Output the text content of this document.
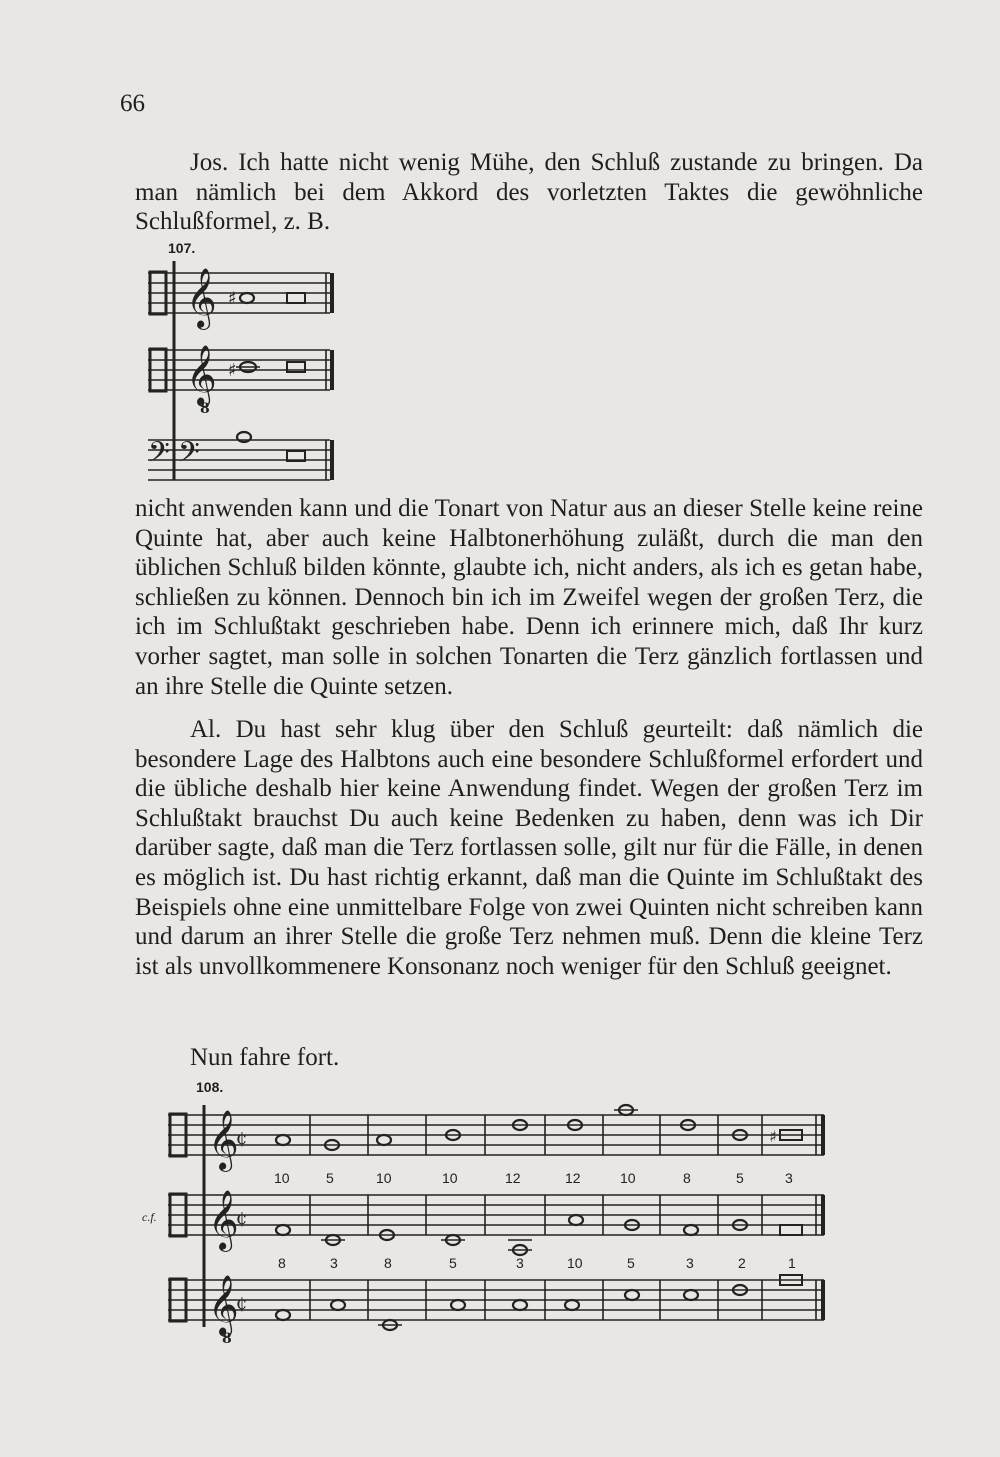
66
Jos. Ich hatte nicht wenig Mühe, den Schluß zustande zu bringen. Da man nämlich bei dem Akkord des vorletzten Taktes die gewöhnliche Schlußformel, z. B.
107.
𝄞 ♯
𝄞
8
♯
𝄢 𝄢
nicht anwenden kann und die Tonart von Natur aus an dieser Stelle keine reine Quinte hat, aber auch keine Halbtonerhöhung zuläßt, durch die man den üblichen Schluß bilden könnte, glaubte ich, nicht anders, als ich es getan habe, schließen zu können. Dennoch bin ich im Zweifel wegen der großen Terz, die ich im Schlußtakt geschrieben habe. Denn ich erinnere mich, daß Ihr kurz vorher sagtet, man solle in solchen Tonarten die Terz gänzlich fortlassen und an ihre Stelle die Quinte setzen.
Al. Du hast sehr klug über den Schluß geurteilt: daß nämlich die besondere Lage des Halbtons auch eine besondere Schlußformel erfordert und die übliche deshalb hier keine Anwendung findet. Wegen der großen Terz im Schlußtakt brauchst Du auch keine Bedenken zu haben, denn was ich Dir darüber sagte, daß man die Terz fortlassen solle, gilt nur für die Fälle, in denen es möglich ist. Du hast richtig erkannt, daß man die Quinte im Schlußtakt des Beispiels ohne eine unmittelbare Folge von zwei Quinten nicht schreiben kann und darum an ihrer Stelle die große Terz nehmen muß. Denn die kleine Terz ist als unvollkommenere Konsonanz noch weniger für den Schluß geeignet.
Nun fahre fort.
108.
𝄞
¢	♯
10	5	10	10	12	12	10	8	5	3
c.f. 𝄞
¢
8	3	8	5	3	10	5	3	2	1
𝄞
8
¢
